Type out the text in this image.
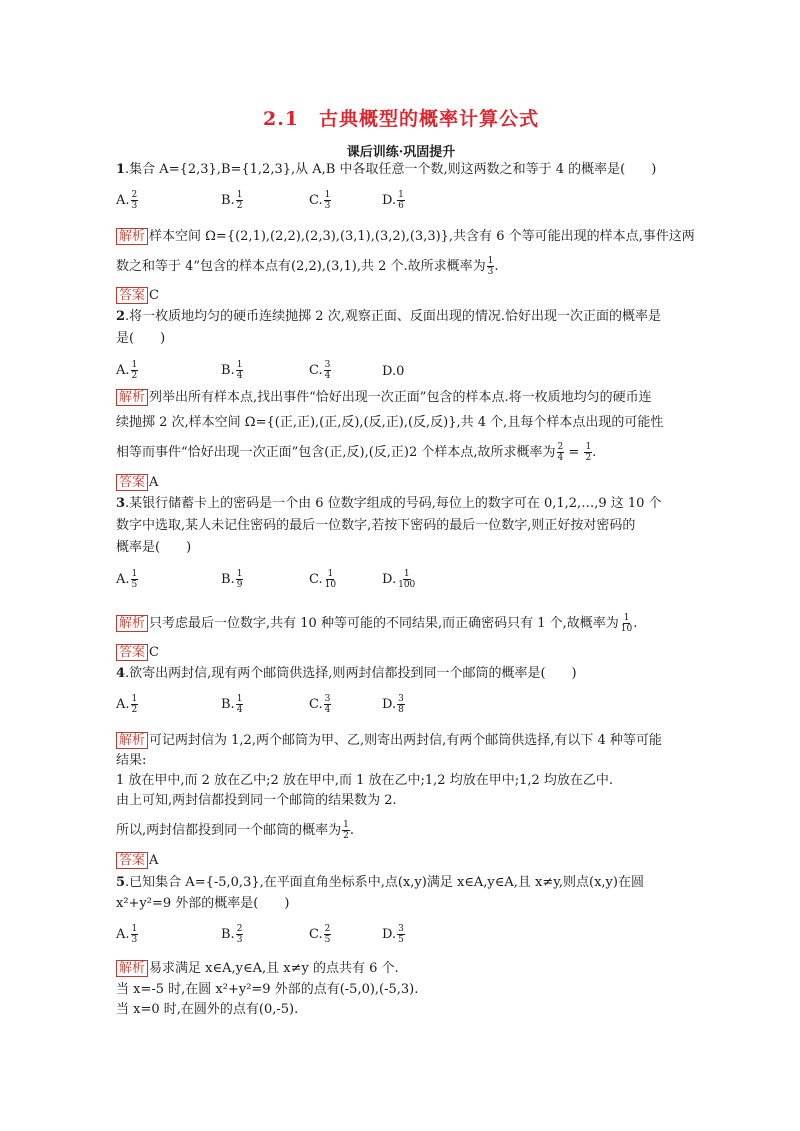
2.1　古典概型的概率计算公式
课后训练·巩固提升
1.集合 A={2,3},B={1,2,3},从 A,B 中各取任意一个数,则这两数之和等于 4 的概率是(　　)
A. $\frac{2}{3}$	B. $\frac{1}{2}$	C. $\frac{1}{3}$	D. $\frac{1}{6}$
解析 样本空间 Ω={(2,1),(2,2),(2,3),(3,1),(3,2),(3,3)},共含有 6 个等可能出现的样本点,事件这两
数之和等于 4”包含的样本点有(2,2),(3,1),共 2 个.故所求概率为 $\frac{1}{3}$ .
答案 C
2.将一枚质地均匀的硬币连续抛掷 2 次,观察正面、反面出现的情况.恰好出现一次正面的概率是
是(　　)
A. $\frac{1}{2}$	B. $\frac{1}{4}$	C. $\frac{3}{4}$	D.0
解析 列举出所有样本点,找出事件“恰好出现一次正面”包含的样本点.将一枚质地均匀的硬币连
续抛掷 2 次,样本空间 Ω={(正,正),(正,反),(反,正),(反,反)},共 4 个,且每个样本点出现的可能性
相等而事件“恰好出现一次正面”包含(正,反),(反,正)2 个样本点,故所求概率为 $\frac{2}{4} = \frac{1}{2}$ .
答案 A
3.某银行储蓄卡上的密码是一个由 6 位数字组成的号码,每位上的数字可在 0,1,2,…,9 这 10 个
数字中选取,某人未记住密码的最后一位数字,若按下密码的最后一位数字,则正好按对密码的
概率是(　　)
A. $\frac{1}{5}$	B. $\frac{1}{9}$	C. $\frac{1}{10}$	D. $\frac{1}{100}$
解析 只考虑最后一位数字,共有 10 种等可能的不同结果,而正确密码只有 1 个,故概率为 $\frac{1}{10}$ .
答案 C
4.欲寄出两封信,现有两个邮筒供选择,则两封信都投到同一个邮筒的概率是(　　)
A. $\frac{1}{2}$	B. $\frac{1}{4}$	C. $\frac{3}{4}$	D. $\frac{3}{8}$
解析 可记两封信为 1,2,两个邮筒为甲、乙,则寄出两封信,有两个邮筒供选择,有以下 4 种等可能
结果:
1 放在甲中,而 2 放在乙中;2 放在甲中,而 1 放在乙中;1,2 均放在甲中;1,2 均放在乙中.
由上可知,两封信都投到同一个邮筒的结果数为 2.
所以,两封信都投到同一个邮筒的概率为 $\frac{1}{2}$ .
答案 A
5.已知集合 A={-5,0,3},在平面直角坐标系中,点(x,y)满足 x∈A,y∈A,且 x≠y,则点(x,y)在圆
x²+y²=9 外部的概率是(　　)
A. $\frac{1}{3}$	B. $\frac{2}{3}$	C. $\frac{2}{5}$	D. $\frac{3}{5}$
解析 易求满足 x∈A,y∈A,且 x≠y 的点共有 6 个.
当 x=-5 时,在圆 x²+y²=9 外部的点有(-5,0),(-5,3).
当 x=0 时,在圆外的点有(0,-5).
